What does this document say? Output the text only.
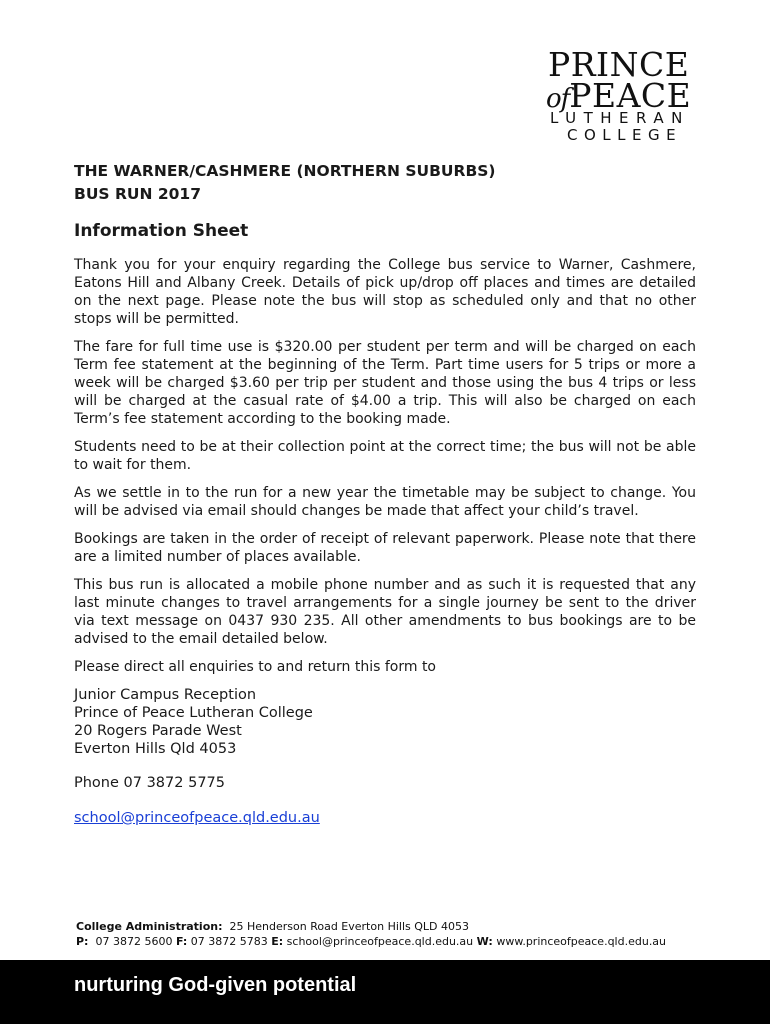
PRINCE
ofPEACE
LUTHERAN
COLLEGE

THE WARNER/CASHMERE (NORTHERN SUBURBS)

BUS RUN 2017

Information Sheet

Thank you for your enquiry regarding the College bus service to Warner, Cashmere, Eatons Hill and Albany Creek. Details of pick up/drop off places and times are detailed on the next page. Please note the bus will stop as scheduled only and that no other stops will be permitted.

The fare for full time use is $320.00 per student per term and will be charged on each Term fee statement at the beginning of the Term. Part time users for 5 trips or more a week will be charged $3.60 per trip per student and those using the bus 4 trips or less will be charged at the casual rate of $4.00 a trip. This will also be charged on each Term’s fee statement according to the booking made.

Students need to be at their collection point at the correct time; the bus will not be able to wait for them.

As we settle in to the run for a new year the timetable may be subject to change. You will be advised via email should changes be made that affect your child’s travel.

Bookings are taken in the order of receipt of relevant paperwork. Please note that there are a limited number of places available.

This bus run is allocated a mobile phone number and as such it is requested that any last minute changes to travel arrangements for a single journey be sent to the driver via text message on 0437 930 235. All other amendments to bus bookings are to be advised to the email detailed below.

Please direct all enquiries to and return this form to

Junior Campus Reception

Prince of Peace Lutheran College

20 Rogers Parade West

Everton Hills Qld 4053

Phone 07 3872 5775

school@princeofpeace.qld.edu.au
College Administration: 25 Henderson Road Everton Hills QLD 4053
P: 07 3872 5600 F: 07 3872 5783 E: school@princeofpeace.qld.edu.au W: www.princeofpeace.qld.edu.au
nurturing God-given potential
